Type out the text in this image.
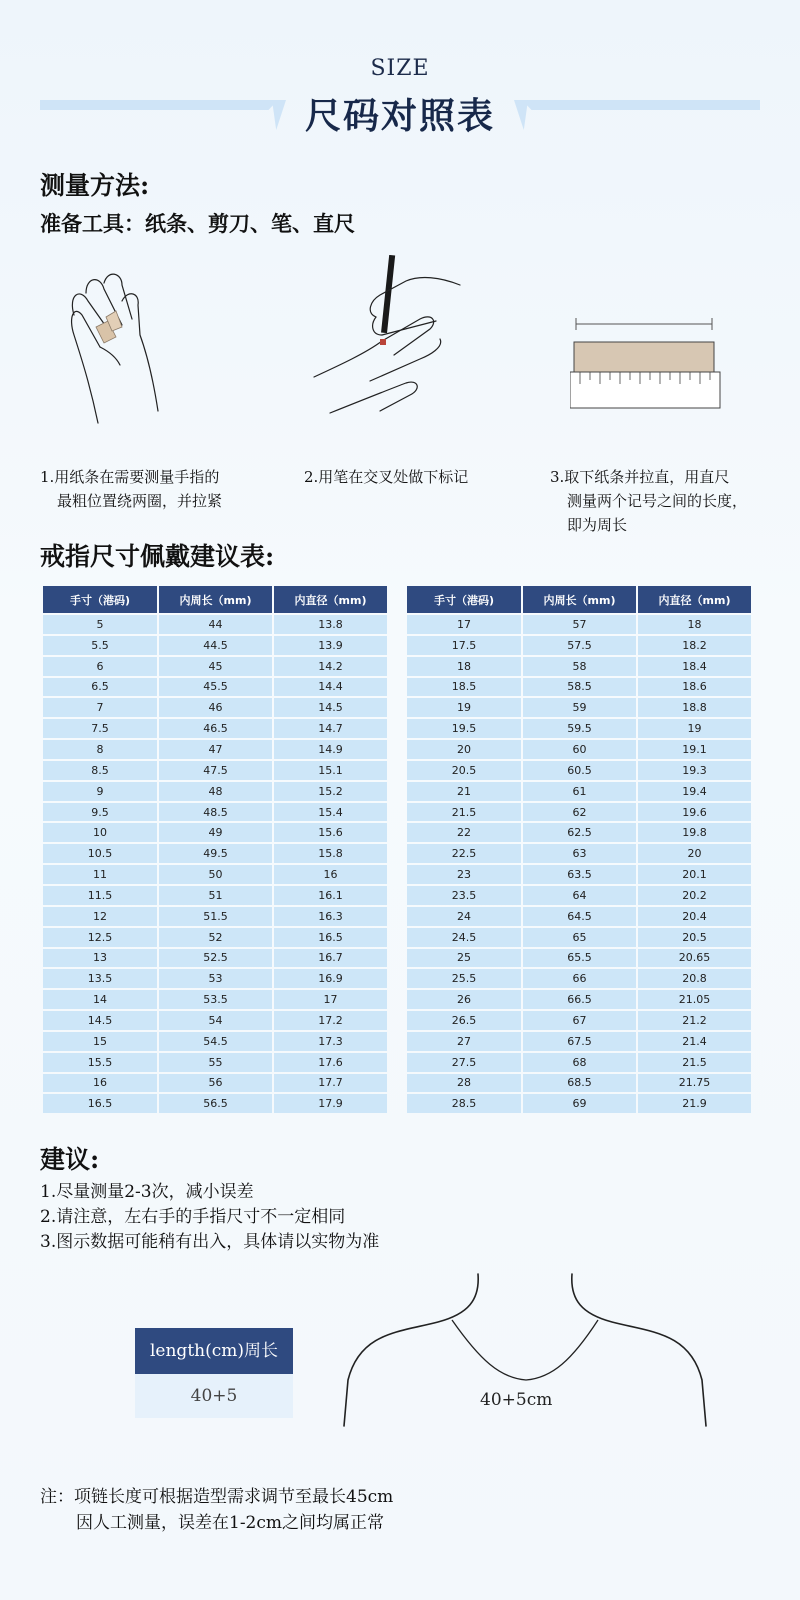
SIZE
尺码对照表
测量方法:
准备工具：纸条、剪刀、笔、直尺
1.用纸条在需要测量手指的
最粗位置绕两圈，并拉紧
2.用笔在交叉处做下标记	3.取下纸条并拉直，用直尺
测量两个记号之间的长度，
即为周长
戒指尺寸佩戴建议表:
手寸（港码)	内周长（mm)	内直径（mm)
5	44	13.8
5.5	44.5	13.9
6	45	14.2
6.5	45.5	14.4
7	46	14.5
7.5	46.5	14.7
8	47	14.9
8.5	47.5	15.1
9	48	15.2
9.5	48.5	15.4
10	49	15.6
10.5	49.5	15.8
11	50	16
11.5	51	16.1
12	51.5	16.3
12.5	52	16.5
13	52.5	16.7
13.5	53	16.9
14	53.5	17
14.5	54	17.2
15	54.5	17.3
15.5	55	17.6
16	56	17.7
16.5	56.5	17.9
手寸（港码)	内周长（mm)	内直径（mm)
17	57	18
17.5	57.5	18.2
18	58	18.4
18.5	58.5	18.6
19	59	18.8
19.5	59.5	19
20	60	19.1
20.5	60.5	19.3
21	61	19.4
21.5	62	19.6
22	62.5	19.8
22.5	63	20
23	63.5	20.1
23.5	64	20.2
24	64.5	20.4
24.5	65	20.5
25	65.5	20.65
25.5	66	20.8
26	66.5	21.05
26.5	67	21.2
27	67.5	21.4
27.5	68	21.5
28	68.5	21.75
28.5	69	21.9
建议:
1.尽量测量2-3次，减小误差
2.请注意，左右手的手指尺寸不一定相同
3.图示数据可能稍有出入，具体请以实物为准
length(cm)周长
40+5	40+5cm
注：项链长度可根据造型需求调节至最长45cm
因人工测量，误差在1-2cm之间均属正常
